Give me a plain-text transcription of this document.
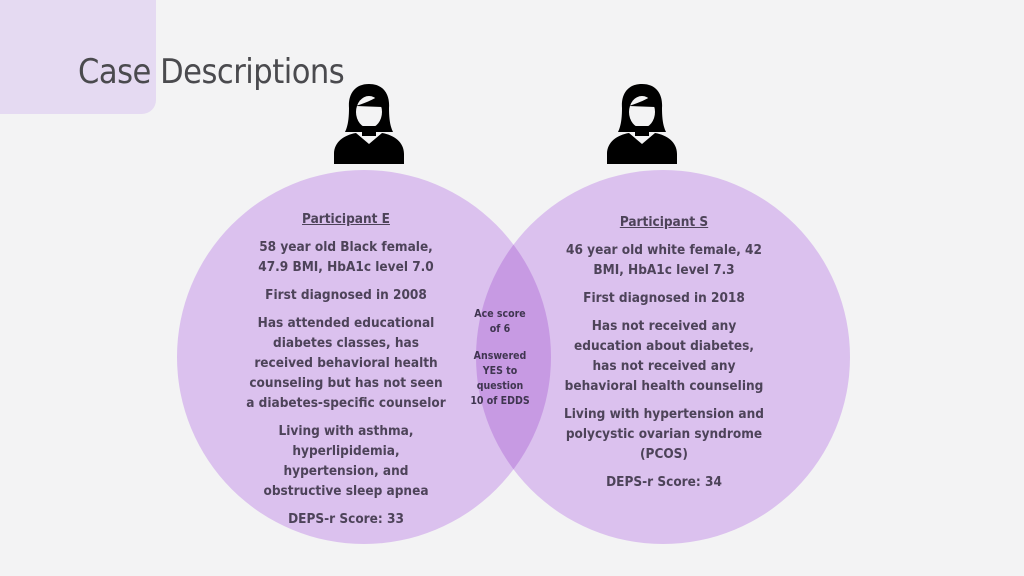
Case Descriptions

Participant E

58 year old Black female,
47.9 BMI, HbA1c level 7.0

First diagnosed in 2008

Has attended educational
diabetes classes, has
received behavioral health
counseling but has not seen
a diabetes-specific counselor

Living with asthma,
hyperlipidemia,
hypertension, and
obstructive sleep apnea

DEPS-r Score: 33

Ace score
of 6

Answered
YES to
question
10 of EDDS

Participant S

46 year old white female, 42
BMI, HbA1c level 7.3

First diagnosed in 2018

Has not received any
education about diabetes,
has not received any
behavioral health counseling

Living with hypertension and
polycystic ovarian syndrome
(PCOS)

DEPS-r Score: 34
